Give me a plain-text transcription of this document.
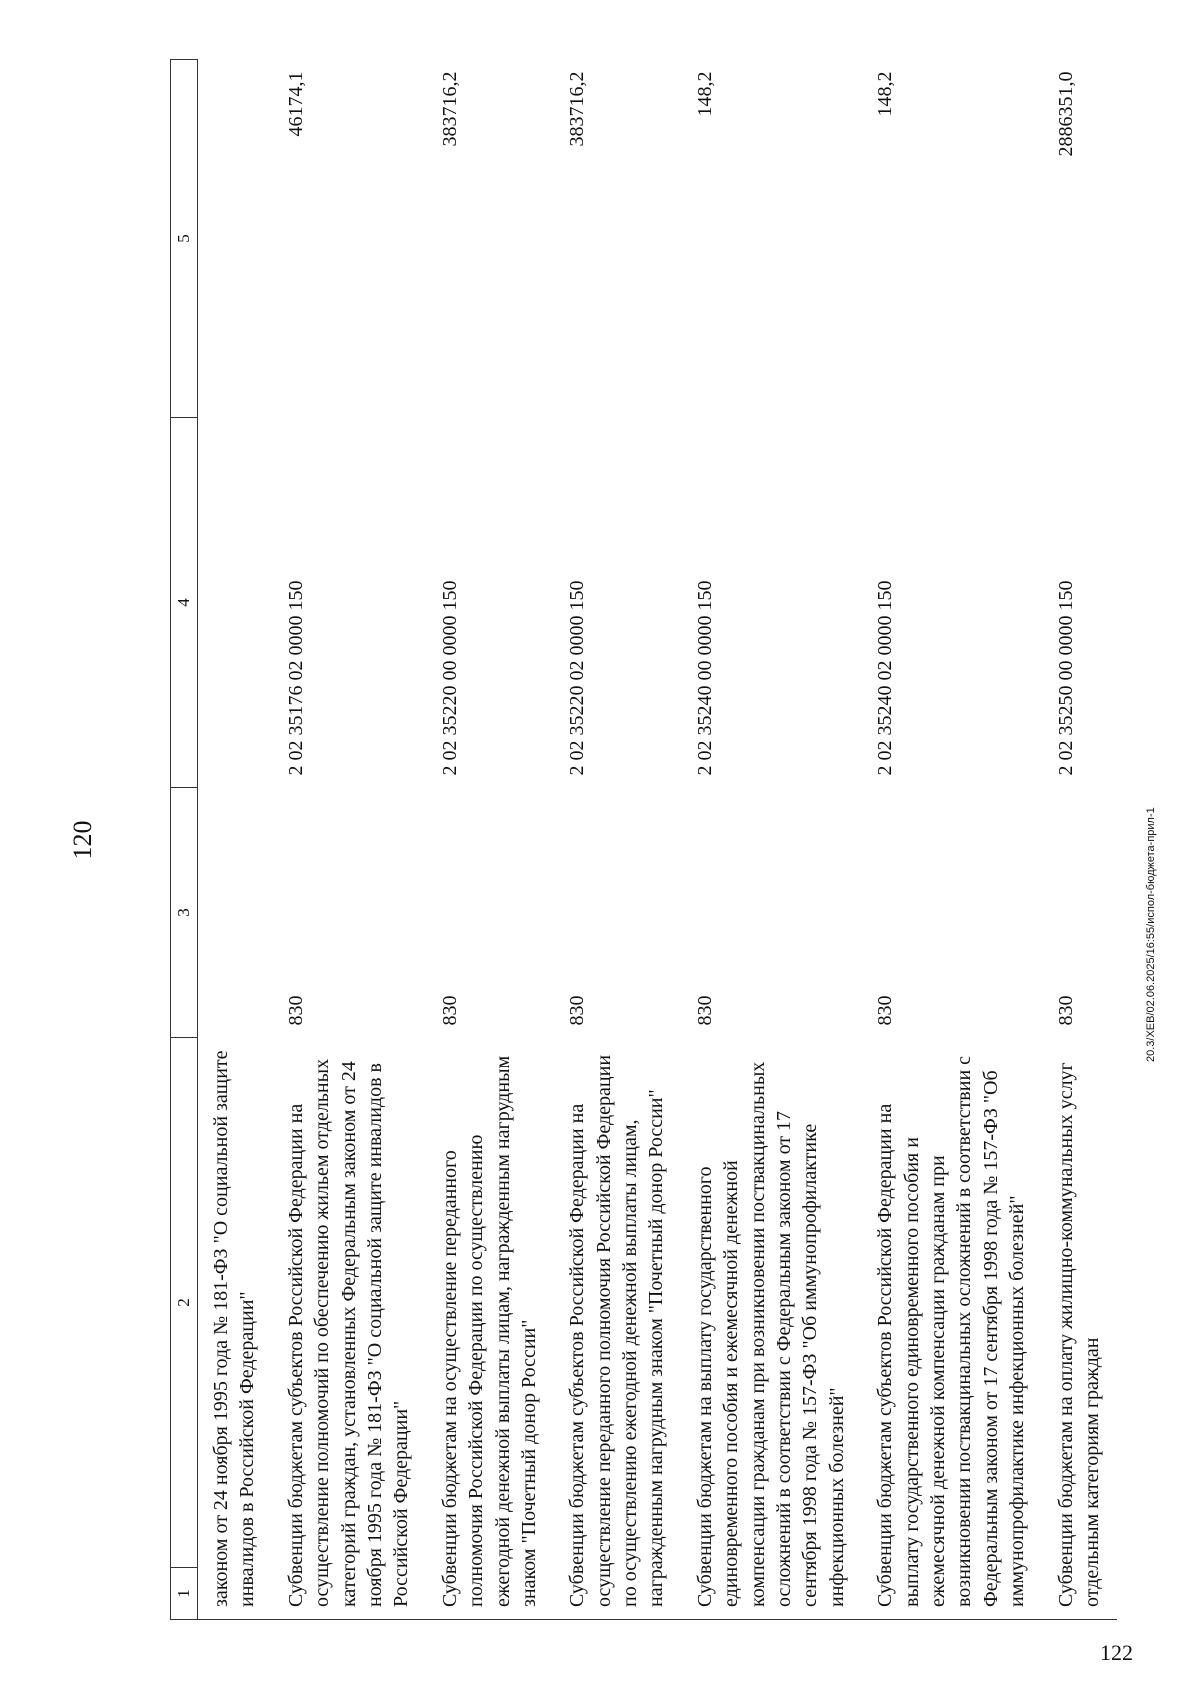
120
1	2	3	4	5
законом от 24 ноября 1995 года № 181-ФЗ "О социальной защите инвалидов в Российской Федерации"				
Субвенции бюджетам субъектов Российской Федерации на осуществление полномочий по обеспечению жильем отдельных категорий граждан, установленных Федеральным законом от 24 ноября 1995 года № 181-ФЗ "О социальной защите инвалидов в Российской Федерации"		830	2 02 35176 02 0000 150	46174,1
Субвенции бюджетам на осуществление переданного полномочия Российской Федерации по осуществлению ежегодной денежной выплаты лицам, награжденным нагрудным знаком "Почетный донор России"		830	2 02 35220 00 0000 150	383716,2
Субвенции бюджетам субъектов Российской Федерации на осуществление переданного полномочия Российской Федерации по осуществлению ежегодной денежной выплаты лицам, награжденным нагрудным знаком "Почетный донор России"		830	2 02 35220 02 0000 150	383716,2
Субвенции бюджетам на выплату государственного единовременного пособия и ежемесячной денежной компенсации гражданам при возникновении поствакцинальных осложнений в соответствии с Федеральным законом от 17 сентября 1998 года № 157-ФЗ "Об иммунопрофилактике инфекционных болезней"		830	2 02 35240 00 0000 150	148,2
Субвенции бюджетам субъектов Российской Федерации на выплату государственного единовременного пособия и ежемесячной денежной компенсации гражданам при возникновении поствакцинальных осложнений в соответствии с Федеральным законом от 17 сентября 1998 года № 157-ФЗ "Об иммунопрофилактике инфекционных болезней"		830	2 02 35240 02 0000 150	148,2
Субвенции бюджетам на оплату жилищно-коммунальных услуг отдельным категориям граждан		830	2 02 35250 00 0000 150	2886351,0
20.3/XEB/02.06.2025/16:55/испол-бюджета-прил-1
122
